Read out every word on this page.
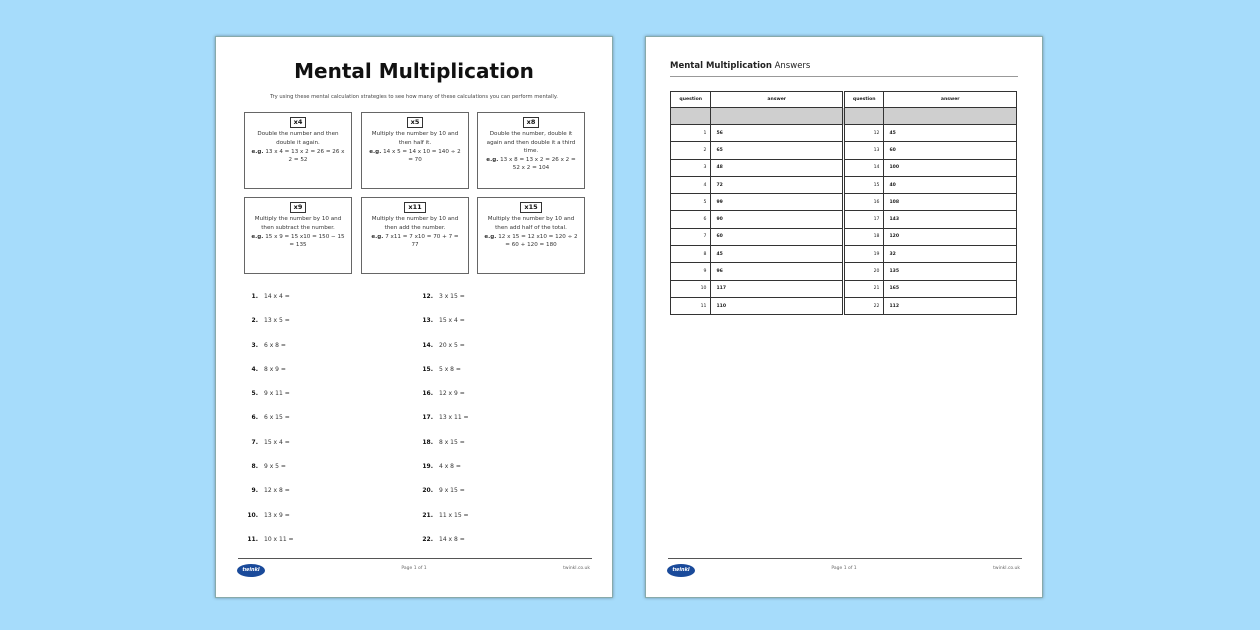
Mental Multiplication
Try using these mental calculation strategies to see how many of these calculations you can perform mentally.
x4
Double the number and then double it again.
e.g. 13 x 4 = 13 x 2 = 26 = 26 x 2 = 52
x5
Multiply the number by 10 and then half it.
e.g. 14 x 5 = 14 x 10 = 140 ÷ 2 = 70
x8
Double the number, double it again and then double it a third time.
e.g. 13 x 8 = 13 x 2 = 26 x 2 = 52 x 2 = 104
x9
Multiply the number by 10 and then subtract the number.
e.g. 15 x 9 = 15 x10 = 150 − 15 = 135
x11
Multiply the number by 10 and then add the number.
e.g. 7 x11 = 7 x10 = 70 + 7 = 77
x15
Multiply the number by 10 and then add half of the total.
e.g. 12 x 15 = 12 x10 = 120 ÷ 2 = 60 + 120 = 180
1. 14 x 4 =
2. 13 x 5 =
3. 6 x 8 =
4. 8 x 9 =
5. 9 x 11 =
6. 6 x 15 =
7. 15 x 4 =
8. 9 x 5 =
9. 12 x 8 =
10. 13 x 9 =
11. 10 x 11 =
12. 3 x 15 =
13. 15 x 4 =
14. 20 x 5 =
15. 5 x 8 =
16. 12 x 9 =
17. 13 x 11 =
18. 8 x 15 =
19. 4 x 8 =
20. 9 x 15 =
21. 11 x 15 =
22. 14 x 8 =
twinkl	Page 1 of 1	twinkl.co.uk
Mental Multiplication Answers
question	answer	question	answer

1	56	12	45
2	65	13	60
3	48	14	100
4	72	15	40
5	99	16	108
6	90	17	143
7	60	18	120
8	45	19	32
9	96	20	135
10	117	21	165
11	110	22	112
twinkl	Page 1 of 1	twinkl.co.uk
